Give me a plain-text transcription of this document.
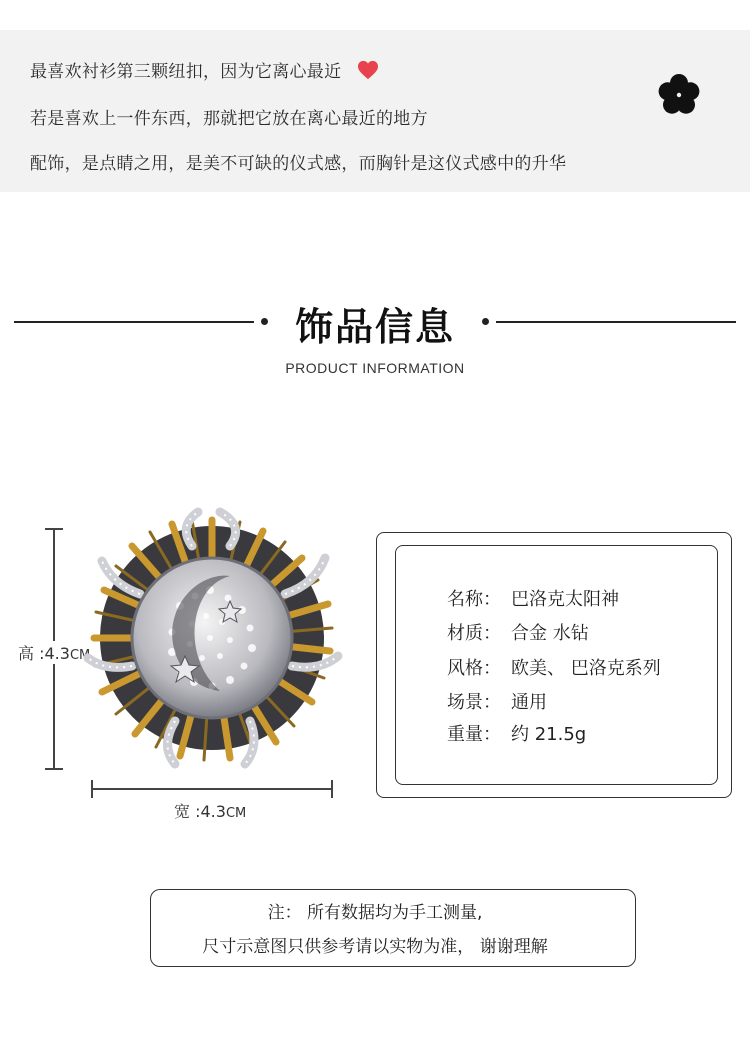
最喜欢衬衫第三颗纽扣，因为它离心最近
若是喜欢上一件东西，那就把它放在离心最近的地方
配饰，是点睛之用，是美不可缺的仪式感，而胸针是这仪式感中的升华
饰品信息
PRODUCT INFORMATION
高 :4.3CM
宽 :4.3CM
名称： 巴洛克太阳神
材质： 合金 水钻
风格： 欧美、 巴洛克系列
场景： 通用
重量： 约 21.5g
注： 所有数据均为手工测量,
尺寸示意图只供参考请以实物为准， 谢谢理解
